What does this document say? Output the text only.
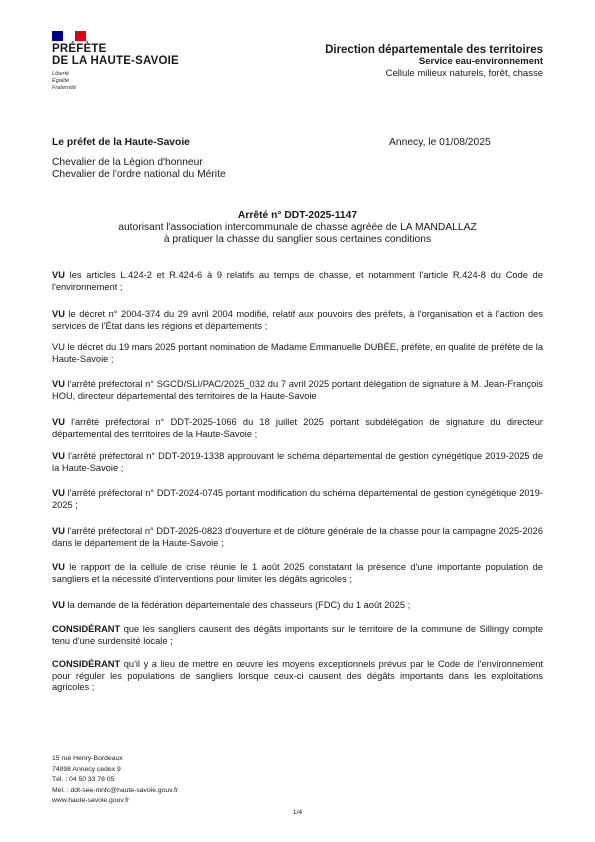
PRÉFÈTE
DE LA HAUTE-SAVOIE
Liberté
Égalité
Fraternité
Direction départementale des territoires
Service eau-environnement
Cellule milieux naturels, forêt, chasse
Le préfet de la Haute-Savoie	Annecy, le 01/08/2025
Chevalier de la Légion d'honneur
Chevalier de l'ordre national du Mérite
Arrêté n° DDT-2025-1147
autorisant l'association intercommunale de chasse agréée de LA MANDALLAZ
à pratiquer la chasse du sanglier sous certaines conditions
VU les articles L.424-2 et R.424-6 à 9 relatifs au temps de chasse, et notamment l'article R.424-8 du Code de l'environnement ;
VU le décret n° 2004-374 du 29 avril 2004 modifié, relatif aux pouvoirs des préfets, à l'organisation et à l'action des services de l'État dans les régions et départements ;
VU le décret du 19 mars 2025 portant nomination de Madame Emmanuelle DUBÉE, préfète, en qualité de préfète de la Haute-Savoie ;
VU l'arrêté préfectoral n° SGCD/SLI/PAC/2025_032 du 7 avril 2025 portant délégation de signature à M. Jean-François HOU, directeur départemental des territoires de la Haute-Savoie
VU l'arrêté préfectoral n° DDT-2025-1066 du 18 juillet 2025 portant subdélégation de signature du directeur départemental des territoires de la Haute-Savoie ;
VU l'arrêté préfectoral n° DDT-2019-1338 approuvant le schéma départemental de gestion cynégétique 2019-2025 de la Haute-Savoie ;
VU l'arrêté préfectoral n° DDT-2024-0745 portant modification du schéma départemental de gestion cynégétique 2019-2025 ;
VU l'arrêté préfectoral n° DDT-2025-0823 d'ouverture et de clôture générale de la chasse pour la campagne 2025-2026 dans le département de la Haute-Savoie ;
VU le rapport de la cellule de crise réunie le 1 août 2025 constatant la présence d'une importante population de sangliers et la nécessité d'interventions pour limiter les dégâts agricoles ;
VU la demande de la fédération départementale des chasseurs (FDC) du 1 août 2025 ;
CONSIDÉRANT que les sangliers causent des dégâts importants sur le territoire de la commune de Sillingy compte tenu d'une surdensité locale ;
CONSIDÉRANT qu'il y a lieu de mettre en œuvre les moyens exceptionnels prévus par le Code de l'environnement pour réguler les populations de sangliers lorsque ceux-ci causent des dégâts importants dans les exploitations agricoles ;
15 rue Henry-Bordeaux
74998 Annecy cedex 9
Tél. : 04 50 33 78 05
Mél. : ddt-see-mnfc@haute-savoie.gouv.fr
www.haute-savoie.gouv.fr
1/4
